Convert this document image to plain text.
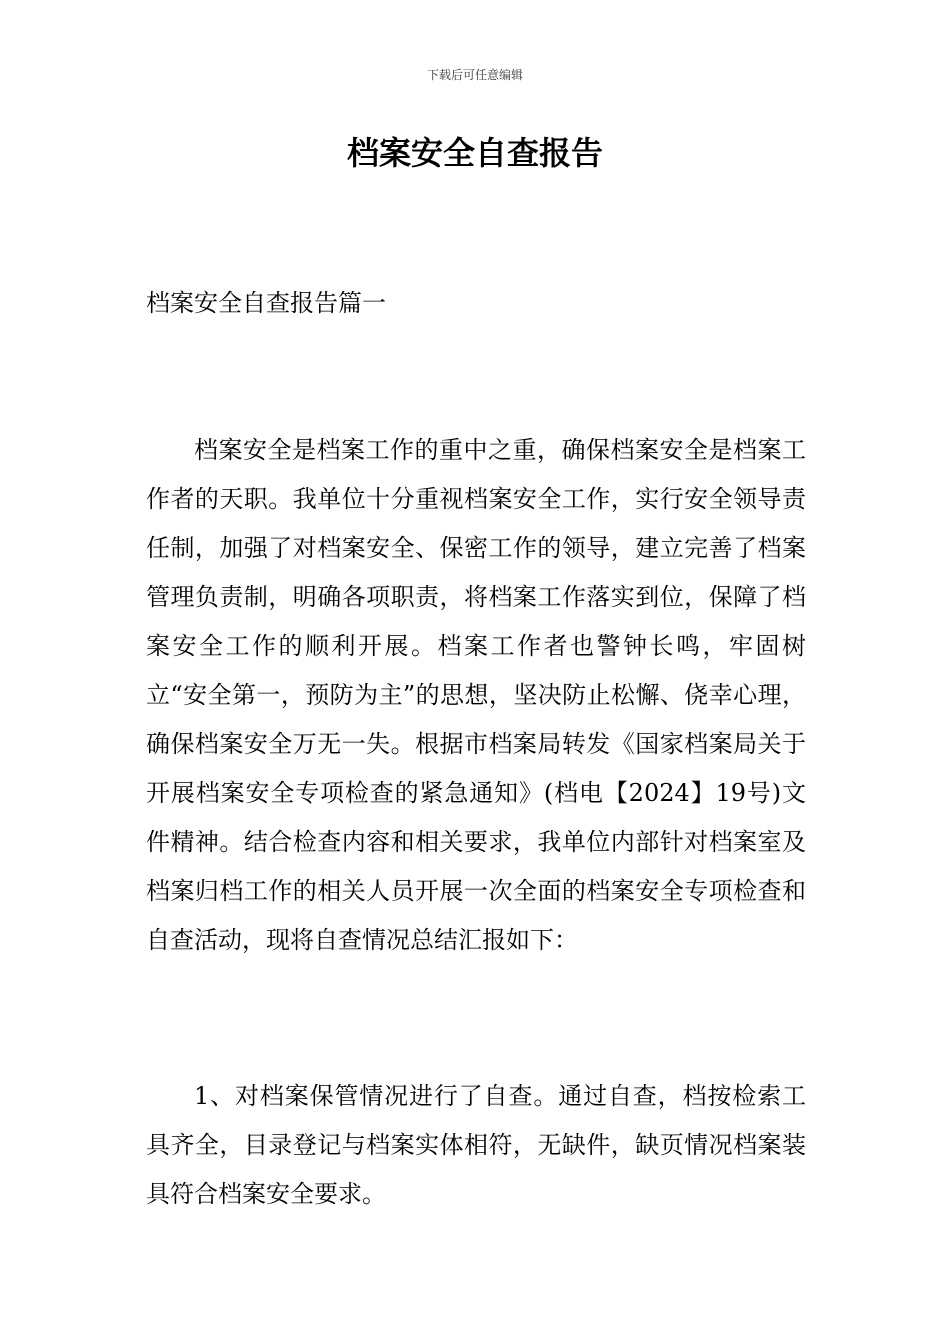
下载后可任意编辑
档案安全自查报告
档案安全自查报告篇一

档案安全是档案工作的重中之重，确保档案安全是档案工作者的天职。我单位十分重视档案安全工作，实行安全领导责任制，加强了对档案安全、保密工作的领导，建立完善了档案管理负责制，明确各项职责，将档案工作落实到位，保障了档案安全工作的顺利开展。档案工作者也警钟长鸣，牢固树立“安全第一，预防为主”的思想，坚决防止松懈、侥幸心理，确保档案安全万无一失。根据市档案局转发《国家档案局关于开展档案安全专项检查的紧急通知》(档电【2024】19号)文件精神。结合检查内容和相关要求，我单位内部针对档案室及档案归档工作的相关人员开展一次全面的档案安全专项检查和自查活动，现将自查情况总结汇报如下：

1、对档案保管情况进行了自查。通过自查，档按检索工具齐全，目录登记与档案实体相符，无缺件，缺页情况档案装具符合档案安全要求。
